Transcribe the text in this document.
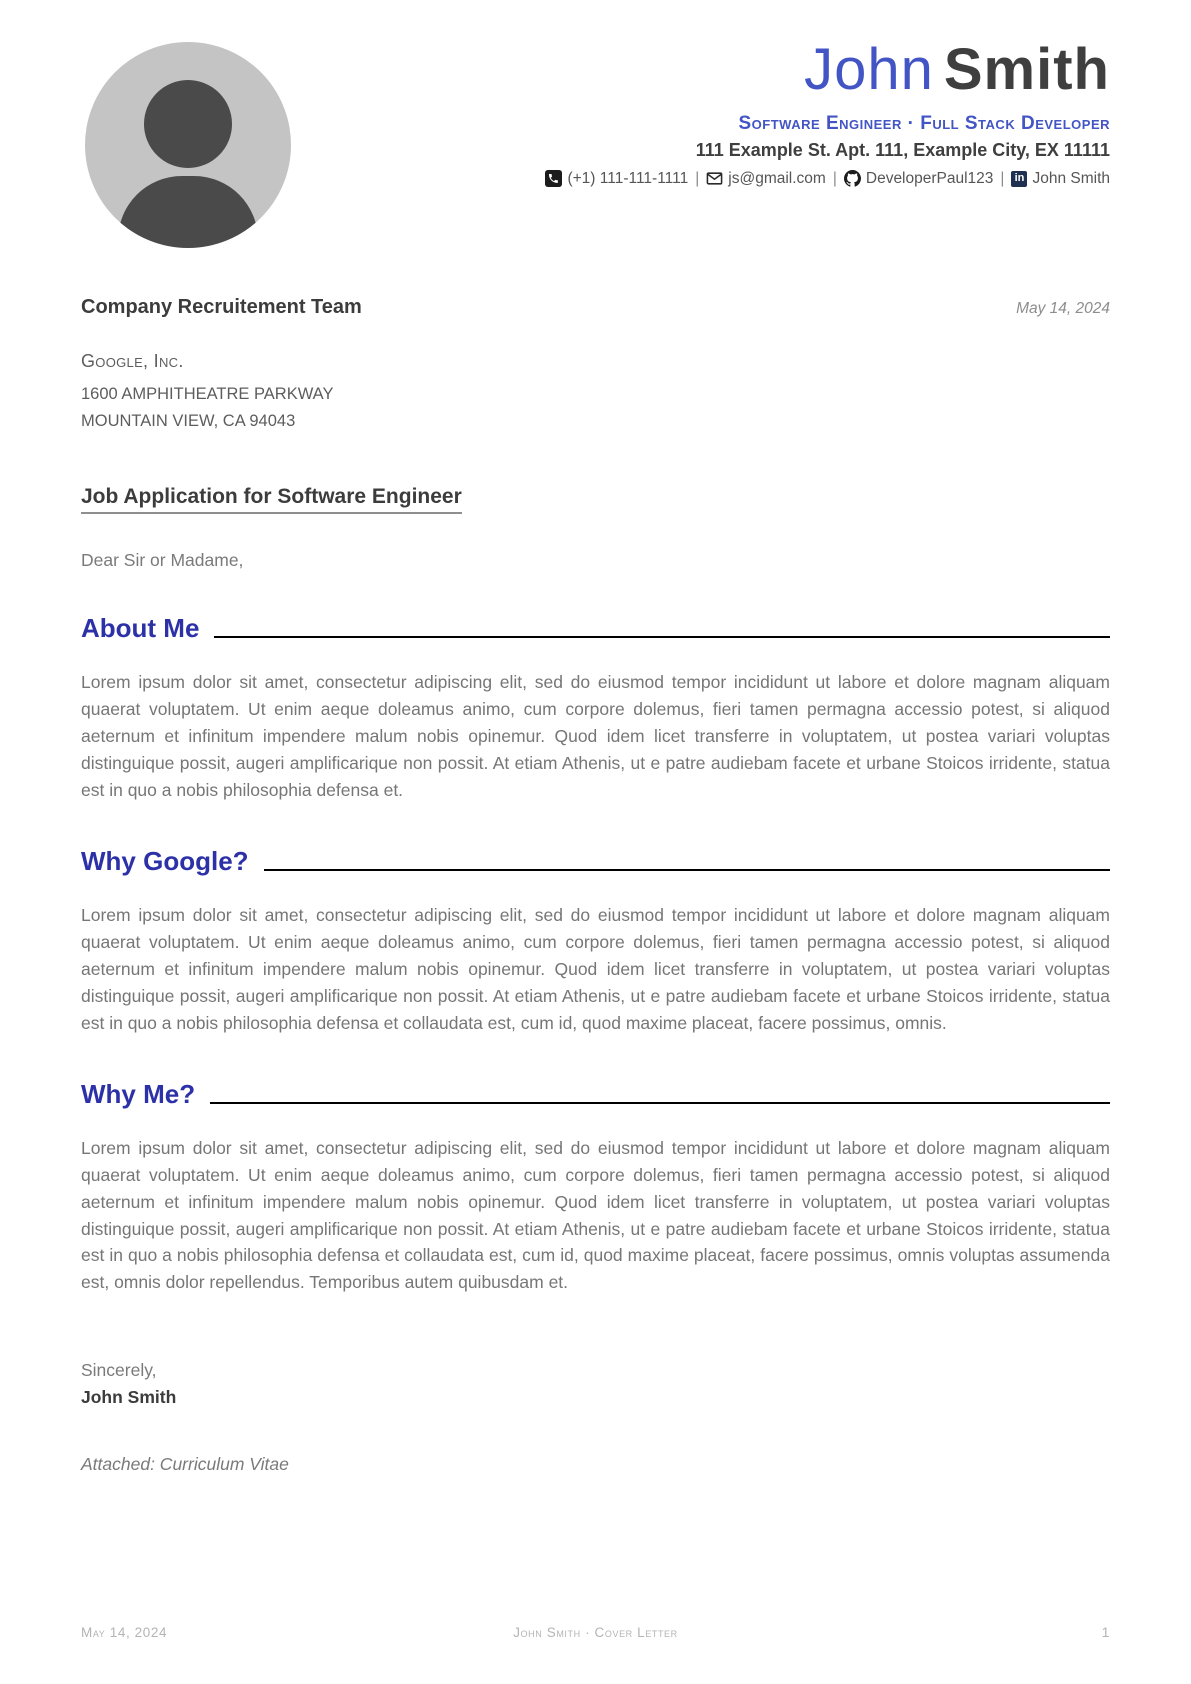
John Smith
Software Engineer · Full Stack Developer
111 Example St. Apt. 111, Example City, EX 11111
(+1) 111-111-1111 | js@gmail.com | DeveloperPaul123 | in John Smith
Company Recruitement Team	May 14, 2024
Google, Inc.
1600 AMPHITHEATRE PARKWAY
MOUNTAIN VIEW, CA 94043
Job Application for Software Engineer
Dear Sir or Madame,
About Me

Lorem ipsum dolor sit amet, consectetur adipiscing elit, sed do eiusmod tempor incididunt ut labore et dolore magnam aliquam quaerat voluptatem. Ut enim aeque doleamus animo, cum corpore dolemus, fieri tamen permagna accessio potest, si aliquod aeternum et infinitum impendere malum nobis opinemur. Quod idem licet transferre in voluptatem, ut postea variari voluptas distinguique possit, augeri amplificarique non possit. At etiam Athenis, ut e patre audiebam facete et urbane Stoicos irridente, statua est in quo a nobis philosophia defensa et.

Why Google?

Lorem ipsum dolor sit amet, consectetur adipiscing elit, sed do eiusmod tempor incididunt ut labore et dolore magnam aliquam quaerat voluptatem. Ut enim aeque doleamus animo, cum corpore dolemus, fieri tamen permagna accessio potest, si aliquod aeternum et infinitum impendere malum nobis opinemur. Quod idem licet transferre in voluptatem, ut postea variari voluptas distinguique possit, augeri amplificarique non possit. At etiam Athenis, ut e patre audiebam facete et urbane Stoicos irridente, statua est in quo a nobis philosophia defensa et collaudata est, cum id, quod maxime placeat, facere possimus, omnis.

Why Me?

Lorem ipsum dolor sit amet, consectetur adipiscing elit, sed do eiusmod tempor incididunt ut labore et dolore magnam aliquam quaerat voluptatem. Ut enim aeque doleamus animo, cum corpore dolemus, fieri tamen permagna accessio potest, si aliquod aeternum et infinitum impendere malum nobis opinemur. Quod idem licet transferre in voluptatem, ut postea variari voluptas distinguique possit, augeri amplificarique non possit. At etiam Athenis, ut e patre audiebam facete et urbane Stoicos irridente, statua est in quo a nobis philosophia defensa et collaudata est, cum id, quod maxime placeat, facere possimus, omnis voluptas assumenda est, omnis dolor repellendus. Temporibus autem quibusdam et.

Sincerely,
John Smith
Attached: Curriculum Vitae
May 14, 2024	John Smith · Cover Letter	1
